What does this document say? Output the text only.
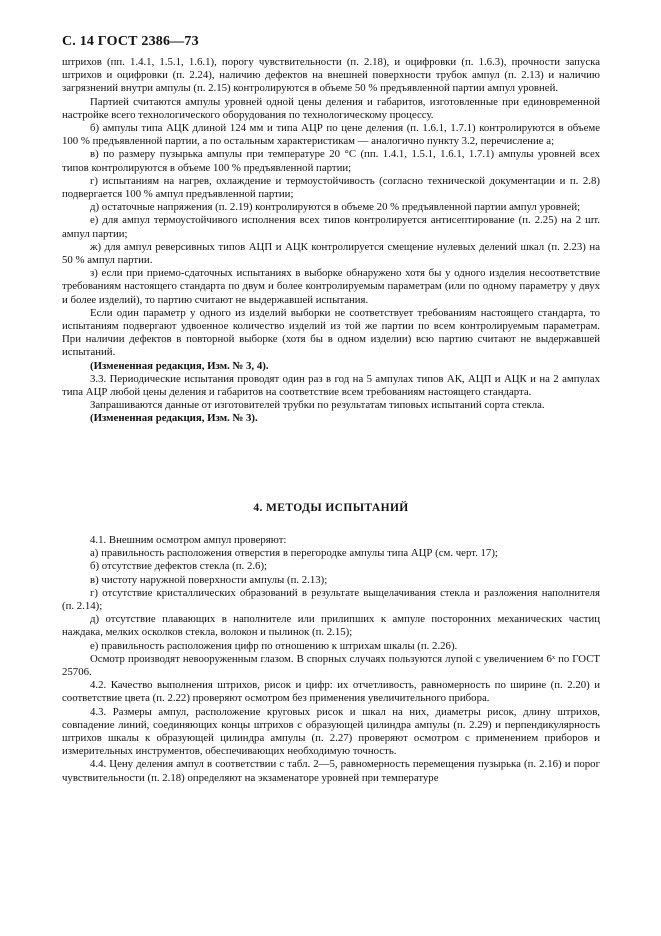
С. 14 ГОСТ 2386—73

штрихов (пп. 1.4.1, 1.5.1, 1.6.1), порогу чувствительности (п. 2.18), и оцифровки (п. 1.6.3), прочности запуска штрихов и оцифровки (п. 2.24), наличию дефектов на внешней поверхности трубок ампул (п. 2.13) и наличию загрязнений внутри ампулы (п. 2.15) контролируются в объеме 50 % предъявленной партии ампул уровней.

Партией считаются ампулы уровней одной цены деления и габаритов, изготовленные при единовременной настройке всего технологического оборудования по технологическому процессу.

б) ампулы типа АЦК длиной 124 мм и типа АЦР по цене деления (п. 1.6.1, 1.7.1) контролируются в объеме 100 % предъявленной партии, а по остальным характеристикам — аналогично пункту 3.2, перечисление а;

в) по размеру пузырька ампулы при температуре 20 °С (пп. 1.4.1, 1.5.1, 1.6.1, 1.7.1) ампулы уровней всех типов контролируются в объеме 100 % предъявленной партии;

г) испытаниям на нагрев, охлаждение и термоустойчивость (согласно технической документации и п. 2.8) подвергается 100 % ампул предъявленной партии;

д) остаточные напряжения (п. 2.19) контролируются в объеме 20 % предъявленной партии ампул уровней;

е) для ампул термоустойчивого исполнения всех типов контролируется антисептирование (п. 2.25) на 2 шт. ампул партии;

ж) для ампул реверсивных типов АЦП и АЦК контролируется смещение нулевых делений шкал (п. 2.23) на 50 % ампул партии.

з) если при приемо-сдаточных испытаниях в выборке обнаружено хотя бы у одного изделия несоответствие требованиям настоящего стандарта по двум и более контролируемым параметрам (или по одному параметру у двух и более изделий), то партию считают не выдержавшей испытания.

Если один параметр у одного из изделий выборки не соответствует требованиям настоящего стандарта, то испытаниям подвергают удвоенное количество изделий из той же партии по всем контролируемым параметрам. При наличии дефектов в повторной выборке (хотя бы в одном изделии) всю партию считают не выдержавшей испытаний.

(Измененная редакция, Изм. № 3, 4).

3.3. Периодические испытания проводят один раз в год на 5 ампулах типов АК, АЦП и АЦК и на 2 ампулах типа АЦР любой цены деления и габаритов на соответствие всем требованиям настоящего стандарта.

Запрашиваются данные от изготовителей трубки по результатам типовых испытаний сорта стекла.

(Измененная редакция, Изм. № 3).

4. МЕТОДЫ ИСПЫТАНИЙ

4.1. Внешним осмотром ампул проверяют:

а) правильность расположения отверстия в перегородке ампулы типа АЦР (см. черт. 17);

б) отсутствие дефектов стекла (п. 2.6);

в) чистоту наружной поверхности ампулы (п. 2.13);

г) отсутствие кристаллических образований в результате выщелачивания стекла и разложения наполнителя (п. 2.14);

д) отсутствие плавающих в наполнителе или прилипших к ампуле посторонних механических частиц наждака, мелких осколков стекла, волокон и пылинок (п. 2.15);

е) правильность расположения цифр по отношению к штрихам шкалы (п. 2.26).

Осмотр производят невооруженным глазом. В спорных случаях пользуются лупой с увеличением 6ˣ по ГОСТ 25706.

4.2. Качество выполнения штрихов, рисок и цифр: их отчетливость, равномерность по ширине (п. 2.20) и соответствие цвета (п. 2.22) проверяют осмотром без применения увеличительного прибора.

4.3. Размеры ампул, расположение круговых рисок и шкал на них, диаметры рисок, длину штрихов, совпадение линий, соединяющих концы штрихов с образующей цилиндра ампулы (п. 2.29) и перпендикулярность штрихов шкалы к образующей цилиндра ампулы (п. 2.27) проверяют осмотром с применением приборов и измерительных инструментов, обеспечивающих необходимую точность.

4.4. Цену деления ампул в соответствии с табл. 2—5, равномерность перемещения пузырька (п. 2.16) и порог чувствительности (п. 2.18) определяют на экзаменаторе уровней при температуре
